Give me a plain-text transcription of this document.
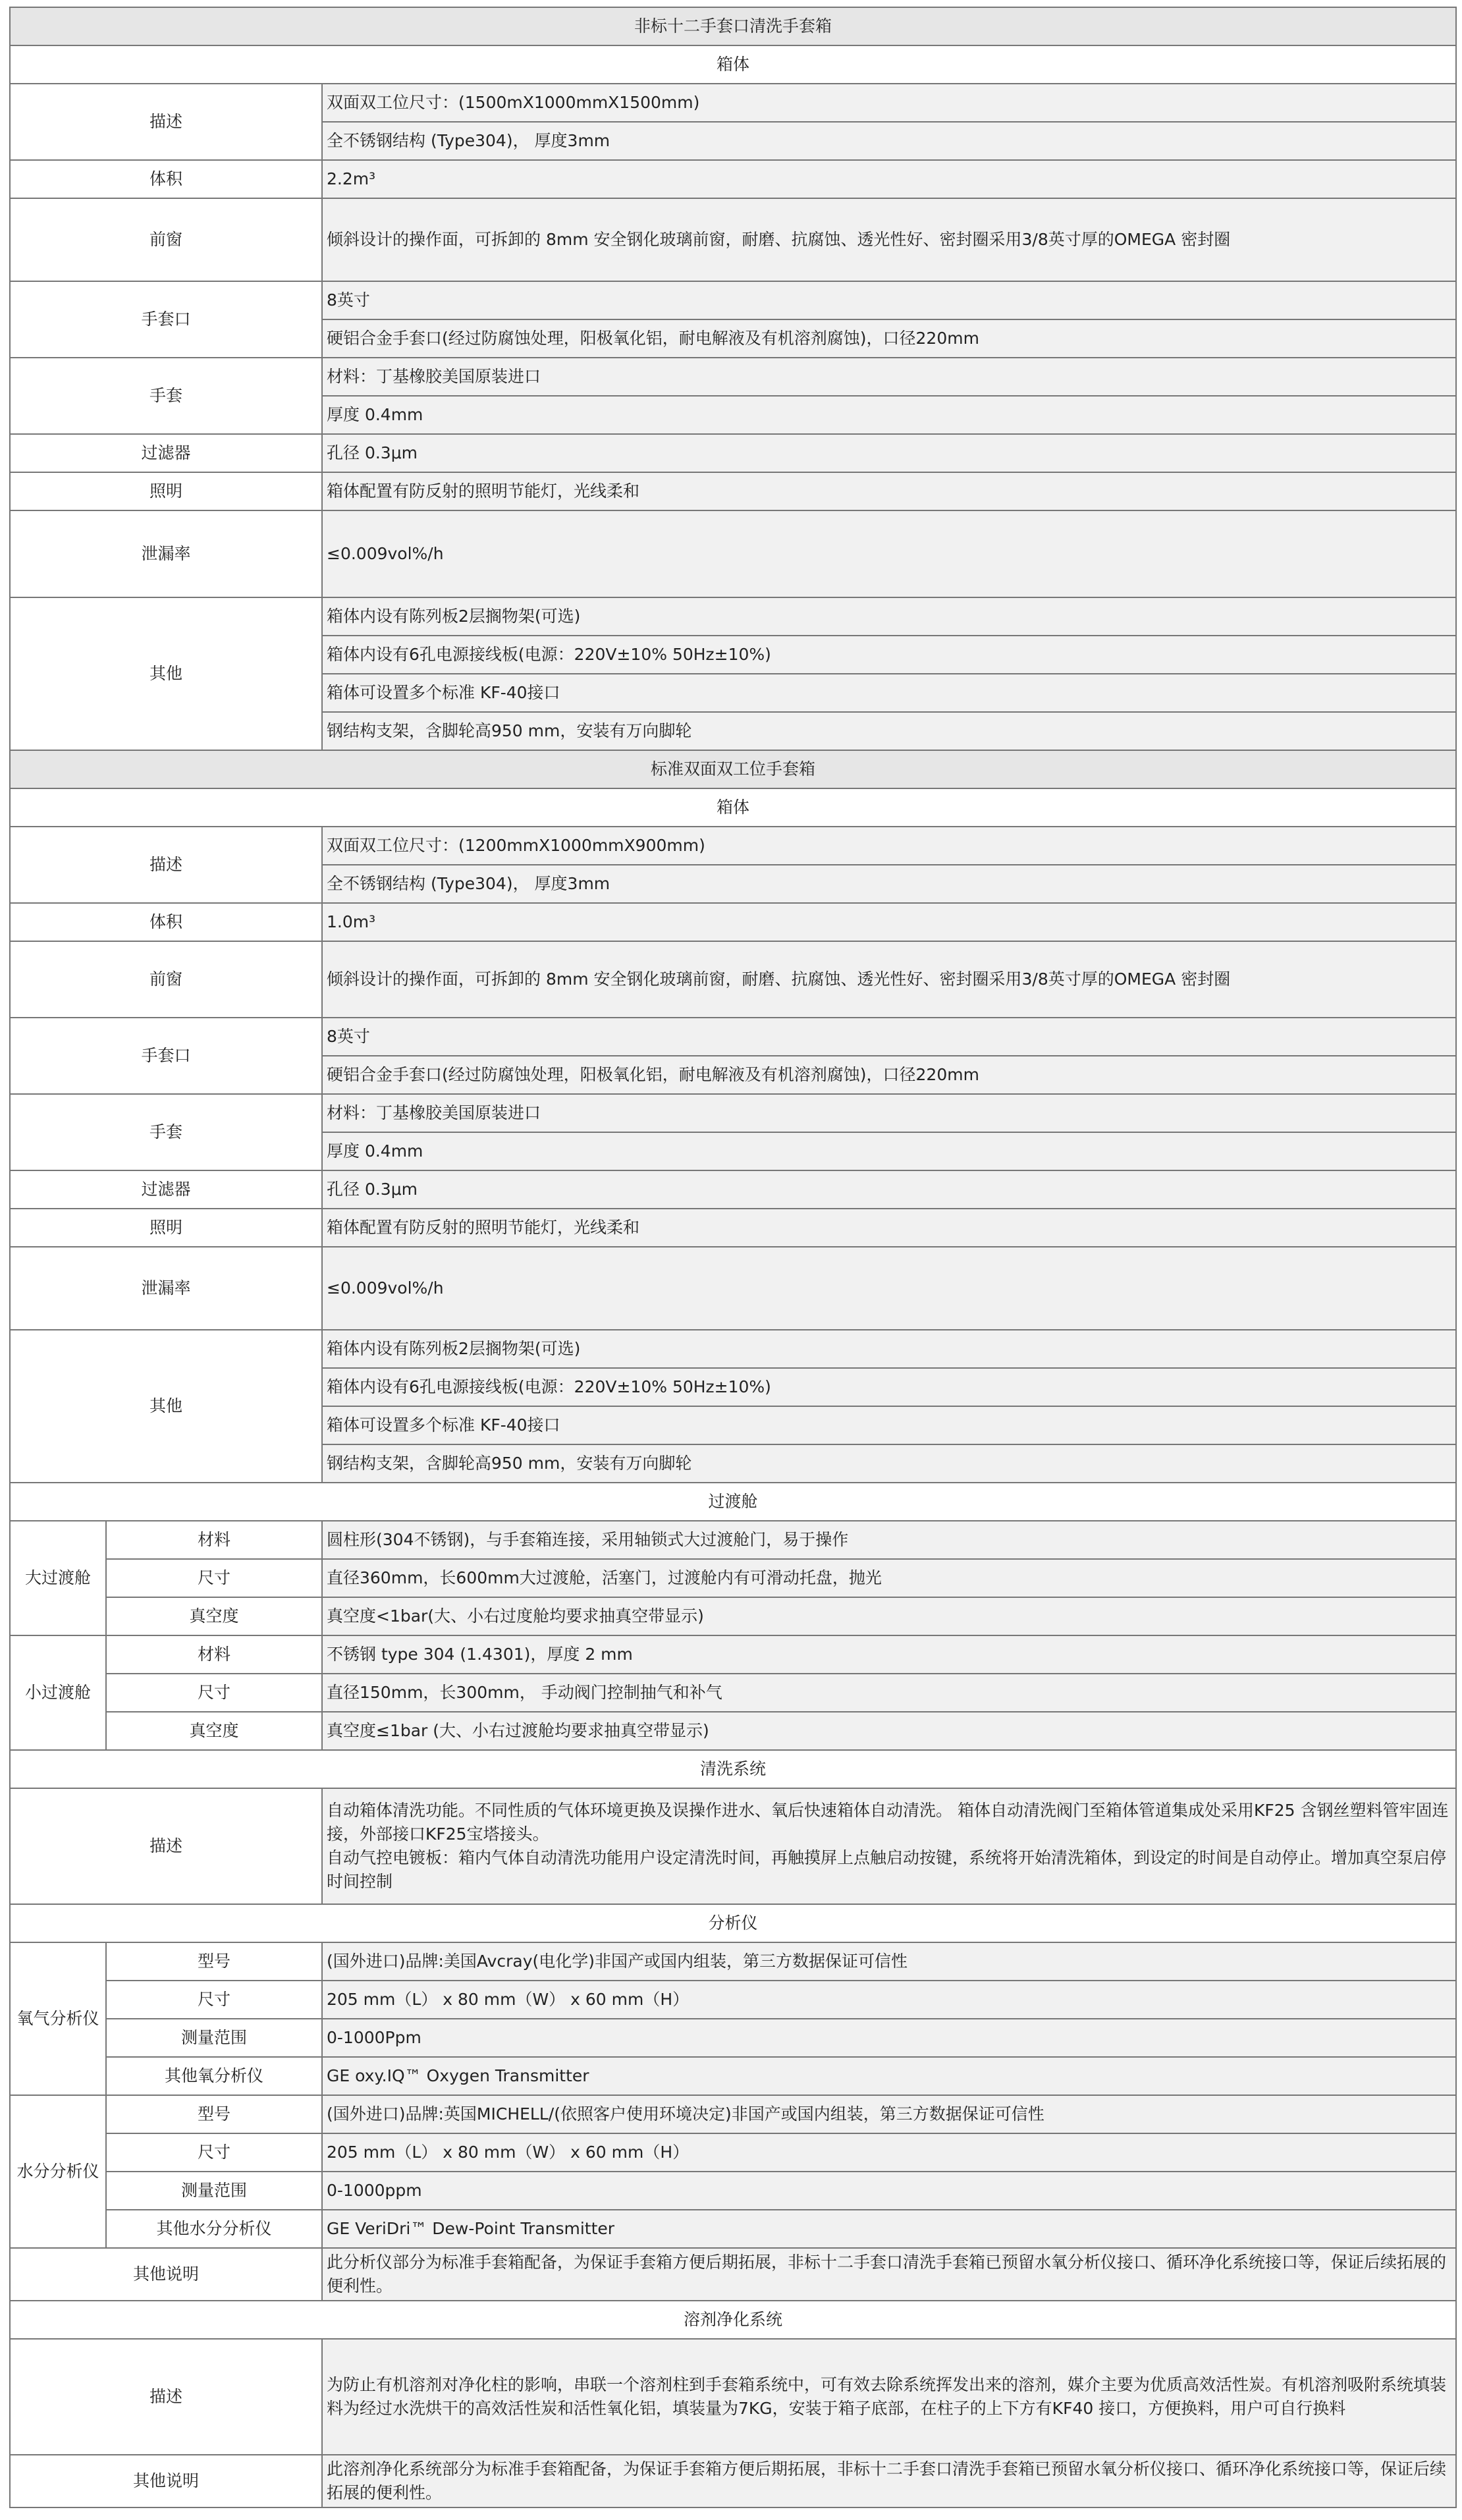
非标十二手套口清洗手套箱		
箱体		
描述		双面双工位尺寸：(1500mX1000mmX1500mm)
		全不锈钢结构 (Type304)， 厚度3mm
体积		2.2m³
前窗		倾斜设计的操作面，可拆卸的 8mm 安全钢化玻璃前窗，耐磨、抗腐蚀、透光性好、密封圈采用3/8英寸厚的OMEGA 密封圈
手套口		8英寸
		硬铝合金手套口(经过防腐蚀处理，阳极氧化铝，耐电解液及有机溶剂腐蚀)，口径220mm
手套		材料：丁基橡胶美国原装进口
		厚度 0.4mm
过滤器		孔径 0.3μm
照明		箱体配置有防反射的照明节能灯，光线柔和
泄漏率		≤0.009vol%/h
其他		箱体内设有陈列板2层搁物架(可选)
		箱体内设有6孔电源接线板(电源：220V±10% 50Hz±10%)
		箱体可设置多个标准 KF-40接口
		钢结构支架，含脚轮高950 mm，安装有万向脚轮
标准双面双工位手套箱		
箱体		
描述		双面双工位尺寸：(1200mmX1000mmX900mm)
		全不锈钢结构 (Type304)， 厚度3mm
体积		1.0m³
前窗		倾斜设计的操作面，可拆卸的 8mm 安全钢化玻璃前窗，耐磨、抗腐蚀、透光性好、密封圈采用3/8英寸厚的OMEGA 密封圈
手套口		8英寸
		硬铝合金手套口(经过防腐蚀处理，阳极氧化铝，耐电解液及有机溶剂腐蚀)，口径220mm
手套		材料：丁基橡胶美国原装进口
		厚度 0.4mm
过滤器		孔径 0.3μm
照明		箱体配置有防反射的照明节能灯，光线柔和
泄漏率		≤0.009vol%/h
其他		箱体内设有陈列板2层搁物架(可选)
		箱体内设有6孔电源接线板(电源：220V±10% 50Hz±10%)
		箱体可设置多个标准 KF-40接口
		钢结构支架，含脚轮高950 mm，安装有万向脚轮
过渡舱		
大过渡舱	材料	圆柱形(304不锈钢)，与手套箱连接，采用轴锁式大过渡舱门，易于操作
	尺寸	直径360mm，长600mm大过渡舱，活塞门，过渡舱内有可滑动托盘，抛光
	真空度	真空度<1bar(大、小右过度舱均要求抽真空带显示)
小过渡舱	材料	不锈钢 type 304 (1.4301)，厚度 2 mm
	尺寸	直径150mm，长300mm， 手动阀门控制抽气和补气
	真空度	真空度≤1bar (大、小右过渡舱均要求抽真空带显示)
清洗系统		
描述		自动箱体清洗功能。不同性质的气体环境更换及误操作进水、氧后快速箱体自动清洗。 箱体自动清洗阀门至箱体管道集成处采用KF25 含钢丝塑料管牢固连接，外部接口KF25宝塔接头。
自动气控电镀板：箱内气体自动清洗功能用户设定清洗时间，再触摸屏上点触启动按键，系统将开始清洗箱体，到设定的时间是自动停止。增加真空泵启停时间控制
分析仪		
氧气分析仪	型号	(国外进口)品牌:美国Avcray(电化学)非国产或国内组装，第三方数据保证可信性
	尺寸	205 mm（L） x 80 mm（W） x 60 mm（H）
	测量范围	0-1000Ppm
	其他氧分析仪	GE oxy.IQ™ Oxygen Transmitter
水分分析仪	型号	(国外进口)品牌:英国MICHELL/(依照客户使用环境决定)非国产或国内组装，第三方数据保证可信性
	尺寸	205 mm（L） x 80 mm（W） x 60 mm（H）
	测量范围	0-1000ppm
	其他水分分析仪	GE VeriDri™ Dew-Point Transmitter
其他说明		此分析仪部分为标准手套箱配备，为保证手套箱方便后期拓展，非标十二手套口清洗手套箱已预留水氧分析仪接口、循环净化系统接口等，保证后续拓展的便利性。
溶剂净化系统		
描述		为防止有机溶剂对净化柱的影响，串联一个溶剂柱到手套箱系统中，可有效去除系统挥发出来的溶剂，媒介主要为优质高效活性炭。有机溶剂吸附系统填装料为经过水洗烘干的高效活性炭和活性氧化铝，填装量为7KG，安装于箱子底部，在柱子的上下方有KF40 接口，方便换料，用户可自行换料
其他说明		此溶剂净化系统部分为标准手套箱配备，为保证手套箱方便后期拓展，非标十二手套口清洗手套箱已预留水氧分析仪接口、循环净化系统接口等，保证后续拓展的便利性。
